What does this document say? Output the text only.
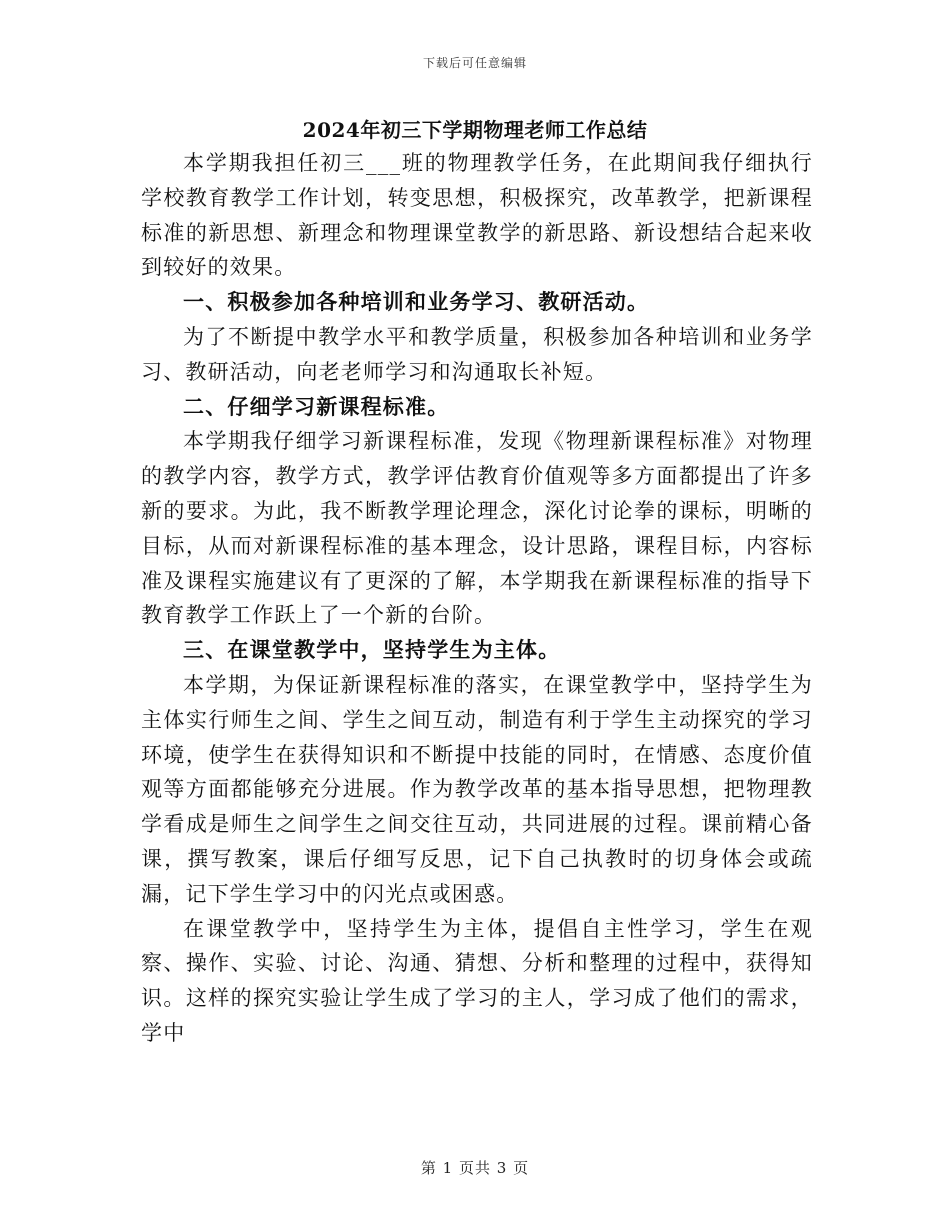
下载后可任意编辑
2024年初三下学期物理老师工作总结

本学期我担任初三___班的物理教学任务，在此期间我仔细执行学校教育教学工作计划，转变思想，积极探究，改革教学，把新课程标准的新思想、新理念和物理课堂教学的新思路、新设想结合起来收到较好的效果。

一、积极参加各种培训和业务学习、教研活动。

为了不断提中教学水平和教学质量，积极参加各种培训和业务学习、教研活动，向老老师学习和沟通取长补短。

二、仔细学习新课程标准。

本学期我仔细学习新课程标准，发现《物理新课程标准》对物理的教学内容，教学方式，教学评估教育价值观等多方面都提出了许多新的要求。为此，我不断教学理论理念，深化讨论拳的课标，明晰的目标，从而对新课程标准的基本理念，设计思路，课程目标，内容标准及课程实施建议有了更深的了解，本学期我在新课程标准的指导下教育教学工作跃上了一个新的台阶。

三、在课堂教学中，坚持学生为主体。

本学期，为保证新课程标准的落实，在课堂教学中，坚持学生为主体实行师生之间、学生之间互动，制造有利于学生主动探究的学习环境，使学生在获得知识和不断提中技能的同时，在情感、态度价值观等方面都能够充分进展。作为教学改革的基本指导思想，把物理教学看成是师生之间学生之间交往互动，共同进展的过程。课前精心备课，撰写教案，课后仔细写反思，记下自己执教时的切身体会或疏漏，记下学生学习中的闪光点或困惑。

在课堂教学中，坚持学生为主体，提倡自主性学习，学生在观察、操作、实验、讨论、沟通、猜想、分析和整理的过程中，获得知识。这样的探究实验让学生成了学习的主人，学习成了他们的需求，学中

第 1 页共 3 页
